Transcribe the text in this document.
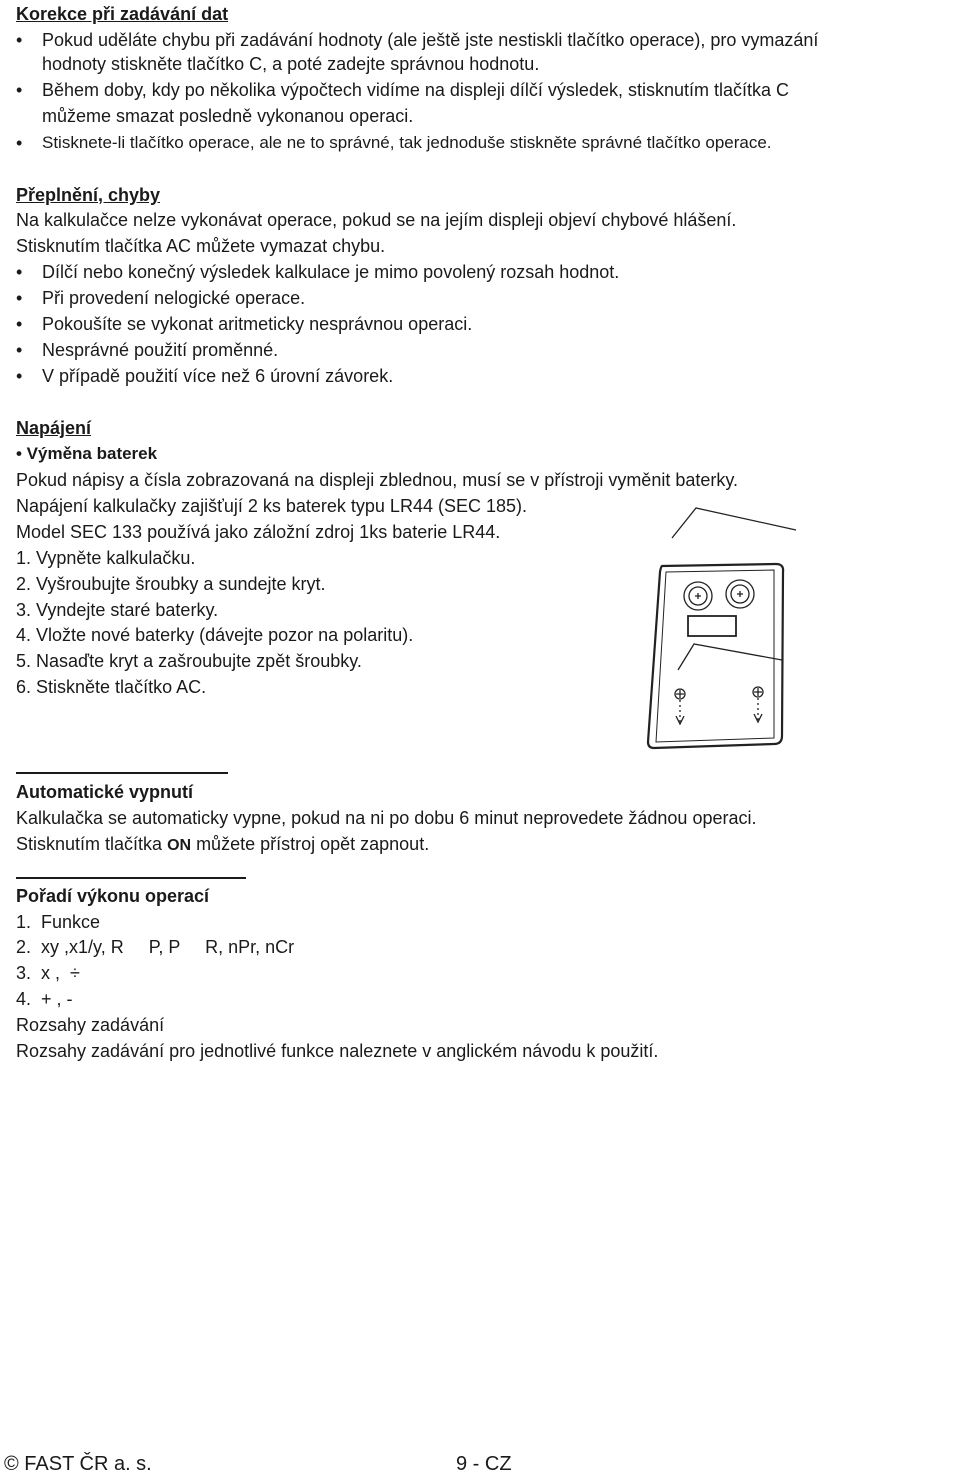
Korekce při zadávání dat
• Pokud uděláte chybu při zadávání hodnoty (ale ještě jste nestiskli tlačítko operace), pro vymazání
hodnoty stiskněte tlačítko C, a poté zadejte správnou hodnotu.
• Během doby, kdy po několika výpočtech vidíme na displeji dílčí výsledek, stisknutím tlačítka C
můžeme smazat posledně vykonanou operaci.
• Stisknete-li tlačítko operace, ale ne to správné, tak jednoduše stiskněte správné tlačítko operace.
Přeplnění, chyby
Na kalkulačce nelze vykonávat operace, pokud se na jejím displeji objeví chybové hlášení.
Stisknutím tlačítka AC můžete vymazat chybu.
• Dílčí nebo konečný výsledek kalkulace je mimo povolený rozsah hodnot.
• Při provedení nelogické operace.
• Pokoušíte se vykonat aritmeticky nesprávnou operaci.
• Nesprávné použití proměnné.
• V případě použití více než 6 úrovní závorek.
Napájení
• Výměna baterek
Pokud nápisy a čísla zobrazovaná na displeji zblednou, musí se v přístroji vyměnit baterky.
Napájení kalkulačky zajišťují 2 ks baterek typu LR44 (SEC 185).
Model SEC 133 používá jako záložní zdroj 1ks baterie LR44.
1. Vypněte kalkulačku.
2. Vyšroubujte šroubky a sundejte kryt.
3. Vyndejte staré baterky.
4. Vložte nové baterky (dávejte pozor na polaritu).
5. Nasaďte kryt a zašroubujte zpět šroubky.
6. Stiskněte tlačítko AC.
Automatické vypnutí
Kalkulačka se automaticky vypne, pokud na ni po dobu 6 minut neprovedete žádnou operaci.
Stisknutím tlačítka ON můžete přístroj opět zapnout.
Pořadí výkonu operací
1.  Funkce
2.  xy ,x1/y, R     P, P     R, nPr, nCr
3.  x ,  ÷
4.  + , -
Rozsahy zadávání
Rozsahy zadávání pro jednotlivé funkce naleznete v anglickém návodu k použití.
© FAST ČR a. s.	9 - CZ
